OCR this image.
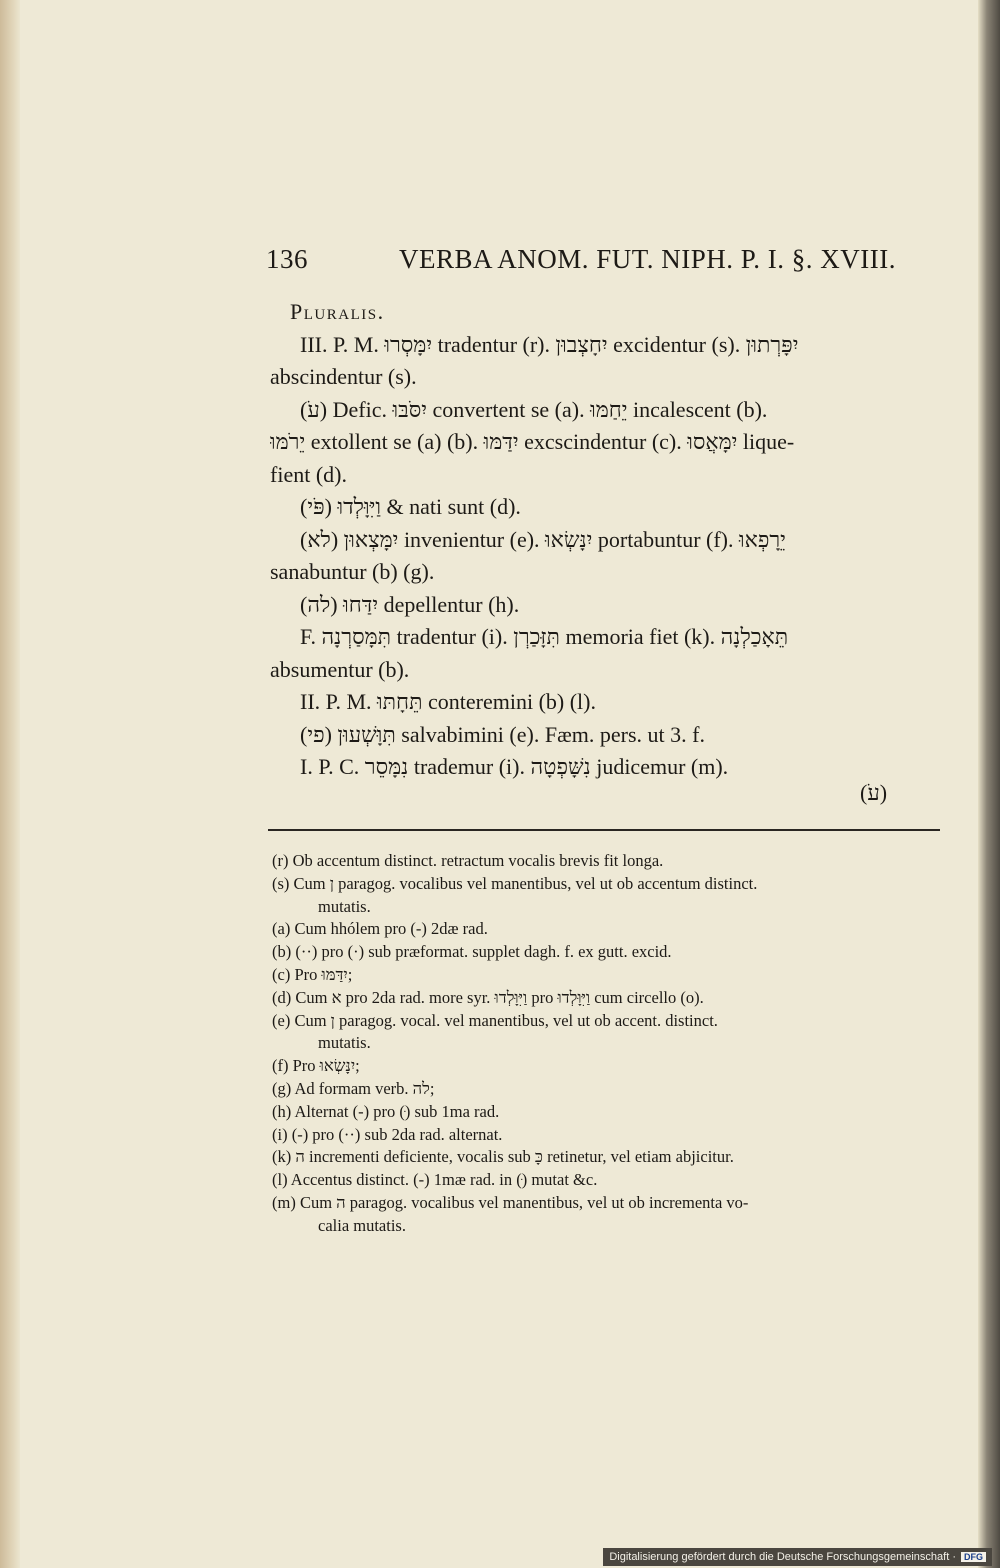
136	VERBA ANOM. FUT. NIPH. P. I. §. XVIII.
Pluralis.
III. P. M. יִמָּסְרוּ tradentur (r). יִחָצְבוּן excidentur (s). יִפָּרְתוּן
abscindentur (s).
(עֹ) Defic. יִסֹּבּוּ convertent se (a). יֵחַמּוּ incalescent (b).
יֵרֹמּוּ extollent se (a) (b). יִדַּמּוּ excscindentur (c). יִמָּאֲסוּ lique-
fient (d).
(פֹּי) וַיִּוָּלְדוּ & nati sunt (d).
(לא) יִמָּצְאוּן invenientur (e). יִנָּשְׂאוּ portabuntur (f). יֵרָפְאוּ
sanabuntur (b) (g).
(לה) יִדַּחוּ depellentur (h).
F. תִּמָּסַרְנָה tradentur (i). תִּזָּכַרְן memoria fiet (k). תֵּאָכַלְנָה
absumentur (b).
II. P. M. תֵּחָתּוּ conteremini (b) (l).
(פי) תִּוָּשְׁעוּן salvabimini (e). Fæm. pers. ut 3. f.
I. P. C. נִמָּסֵר trademur (i). נִשָּׁפְטָה judicemur (m).
(עֹ)
(r) Ob accentum distinct. retractum vocalis brevis fit longa.
(s) Cum ן paragog. vocalibus vel manentibus, vel ut ob accentum distinct.
mutatis.
(a) Cum hhólem pro (-) 2dæ rad.
(b) (··) pro (·) sub præformat. supplet dagh. f. ex gutt. excid.
(c) Pro יִדַּמּוּ;
(d) Cum א pro 2da rad. more syr. וַיִּוָּלְדוּ pro וַיִּוָּלְדוּ cum circello (o).
(e) Cum ן paragog. vocal. vel manentibus, vel ut ob accent. distinct.
mutatis.
(f) Pro יִנָּשְׂאוּ;
(g) Ad formam verb. לה;
(h) Alternat (-) pro (ּ) sub 1ma rad.
(i) (-) pro (··) sub 2da rad. alternat.
(k) ה incrementi deficiente, vocalis sub כָּ retinetur, vel etiam abjicitur.
(l) Accentus distinct. (-) 1mæ rad. in (ּ) mutat &c.
(m) Cum ה paragog. vocalibus vel manentibus, vel ut ob incrementa vo-
calia mutatis.
Digitalisierung gefördert durch die Deutsche Forschungsgemeinschaft · DFG
